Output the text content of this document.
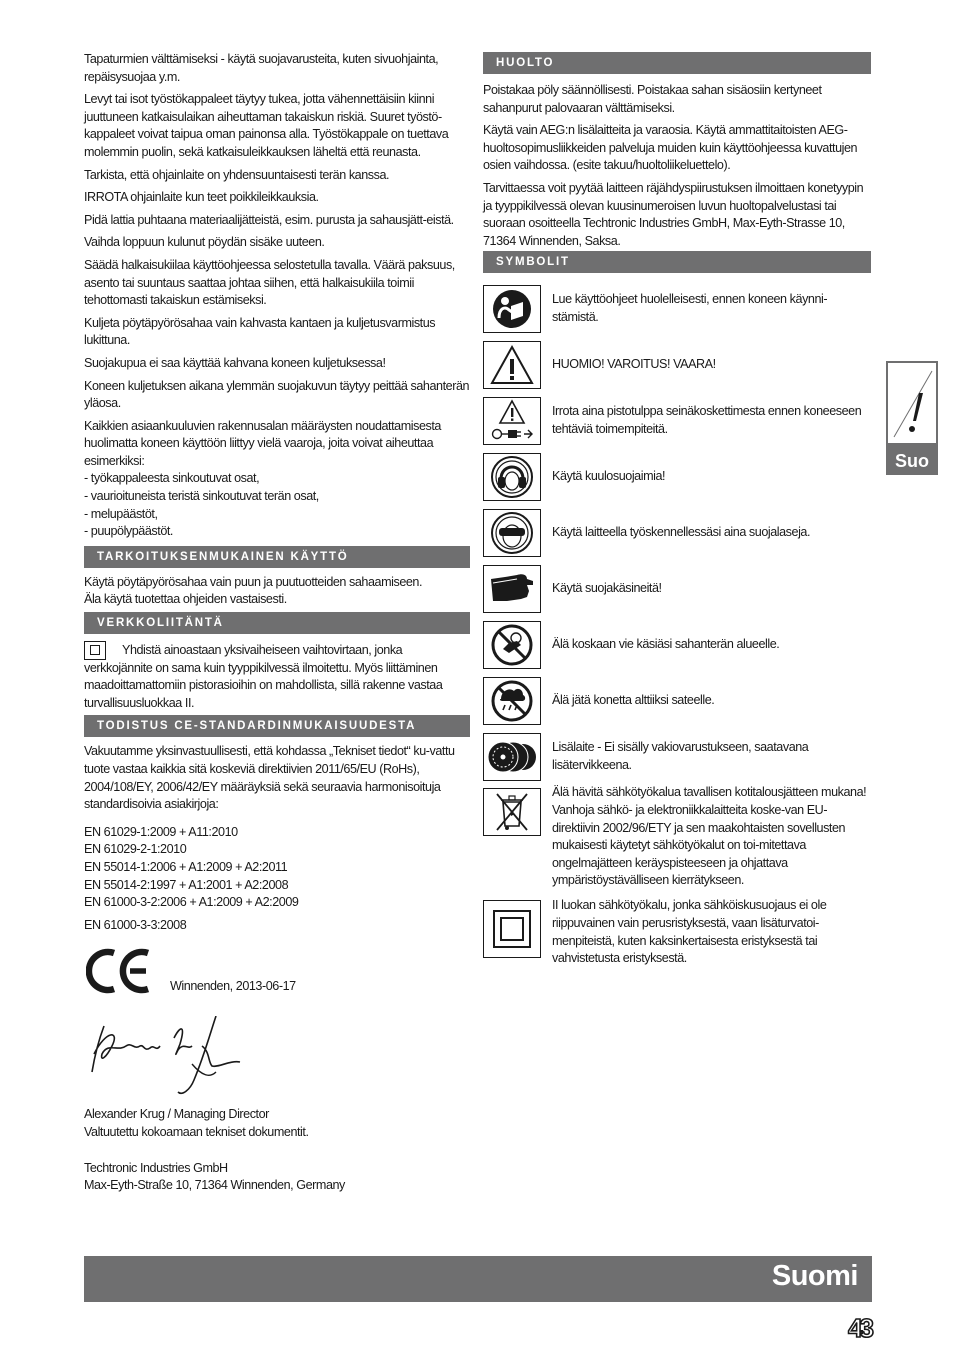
Tapaturmien välttämiseksi - käytä suojavarusteita, kuten sivuohjainta, repäisysuojaa y.m.

Levyt tai isot työstökappaleet täytyy tukea, jotta vähennettäisiin kiinni juuttuneen katkaisulaikan aiheuttaman takaiskun riskiä. Suuret työstö-kappaleet voivat taipua oman painonsa alla. Työstökappale on tuettava molemmin puolin, sekä katkaisuleikkauksen läheltä että reunasta.

Tarkista, että ohjainlaite on yhdensuuntaisesti terän kanssa.

IRROTA ohjainlaite kun teet poikkileikkauksia.

Pidä lattia puhtaana materiaalijätteistä, esim. purusta ja sahausjätt-eistä.

Vaihda loppuun kulunut pöydän sisäke uuteen.

Säädä halkaisukiilaa käyttöohjeessa selostetulla tavalla. Väärä paksuus, asento tai suuntaus saattaa johtaa siihen, että halkaisukiila toimii tehottomasti takaiskun estämiseksi.

Kuljeta pöytäpyörösahaa vain kahvasta kantaen ja kuljetusvarmistus lukittuna.

Suojakupua ei saa käyttää kahvana koneen kuljetuksessa!

Koneen kuljetuksen aikana ylemmän suojakuvun täytyy peittää sahanterän yläosa.

Kaikkien asiaankuuluvien rakennusalan määräysten noudattamisesta huolimatta koneen käyttöön liittyy vielä vaaroja, joita voivat aiheuttaa esimerkiksi:
- työkappaleesta sinkoutuvat osat,
- vaurioituneista teristä sinkoutuvat terän osat,
- melupäästöt,
- puupölypäästöt.
TARKOITUKSENMUKAINEN KÄYTTÖ

Käytä pöytäpyörösahaa vain puun ja puutuotteiden sahaamiseen.
Äla käytä tuotettaa ohjeiden vastaisesti.

VERKKOLIITÄNTÄ
Yhdistä ainoastaan yksivaiheiseen vaihtovirtaan, jonka
verkkojännite on sama kuin tyyppikilvessä ilmoitettu. Myös liittäminen maadoittamattomiin pistorasioihin on mahdollista, sillä rakenne vastaa turvallisuusluokkaa II.
TODISTUS CE-STANDARDINMUKAISUUDESTA

Vakuutamme yksinvastuullisesti, että kohdassa „Tekniset tiedot“ ku-vattu tuote vastaa kaikkia sitä koskeviä direktiivien 2011/65/EU (RoHs), 2004/108/EY, 2006/42/EY määräyksiä sekä seuraavia harmonisoituja standardisoivia asiakirjoja:

EN 61029-1:2009 + A11:2010

EN 61029-2-1:2010

EN 55014-1:2006 + A1:2009 + A2:2011

EN 55014-2:1997 + A1:2001 + A2:2008

EN 61000-3-2:2006 + A1:2009 + A2:2009

EN 61000-3-3:2008

Winnenden, 2013-06-17
Alexander Krug / Managing Director
Valtuutettu kokoamaan tekniset dokumentit.
Techtronic Industries GmbH
Max-Eyth-Straße 10, 71364 Winnenden, Germany
HUOLTO

Poistakaa pöly säännöllisesti. Poistakaa sahan sisäosiin kertyneet sahanpurut palovaaran välttämiseksi.

Käytä vain AEG:n lisälaitteita ja varaosia. Käytä ammattitaitoisten AEG-huoltosopimusliikkeiden palveluja muiden kuin käyttöohjeessa kuvattujen osien vaihdossa. (esite takuu/huoltoliikeluettelo).

Tarvittaessa voit pyytää laitteen räjähdyspiirustuksen ilmoittaen konetyypin ja tyyppikilvessä olevan kuusinumeroisen luvun huoltopalvelustasi tai suoraan osoitteella Techtronic Industries GmbH, Max-Eyth-Strasse 10, 71364 Winnenden, Saksa.

SYMBOLIT
Lue käyttöohjeet huolelleisesti, ennen koneen käynni-stämistä.
HUOMIO! VAROITUS! VAARA!
Irrota aina pistotulppa seinäkoskettimesta ennen koneeseen tehtäviä toimempiteitä.
Käytä kuulosuojaimia!
Käytä laitteella työskennellessäsi aina suojalaseja.
Käytä suojakäsineitä!
Älä koskaan vie käsiäsi sahanterän alueelle.
Älä jätä konetta alttiiksi sateelle.
Lisälaite - Ei sisälly vakiovarustukseen, saatavana lisätervikkeena.
Älä hävitä sähkötyökalua tavallisen kotitalousjätteen mukana! Vanhoja sähkö- ja elektroniikkalaitteita koske-van EU-direktiivin 2002/96/ETY ja sen maakohtaisten sovellusten mukaisesti käytetyt sähkötyökalut on toi-mitettava ongelmajätteen keräyspisteeseen ja ohjattava ympäristöystävälliseen kierrätykseen.
II luokan sähkötyökalu, jonka sähköiskusuojaus ei ole riippuvainen vain perusristyksestä, vaan lisäturvatoi-menpiteistä, kuten kaksinkertaisesta eristyksestä tai vahvistetusta eristyksestä.
Suo
Suomi
43
